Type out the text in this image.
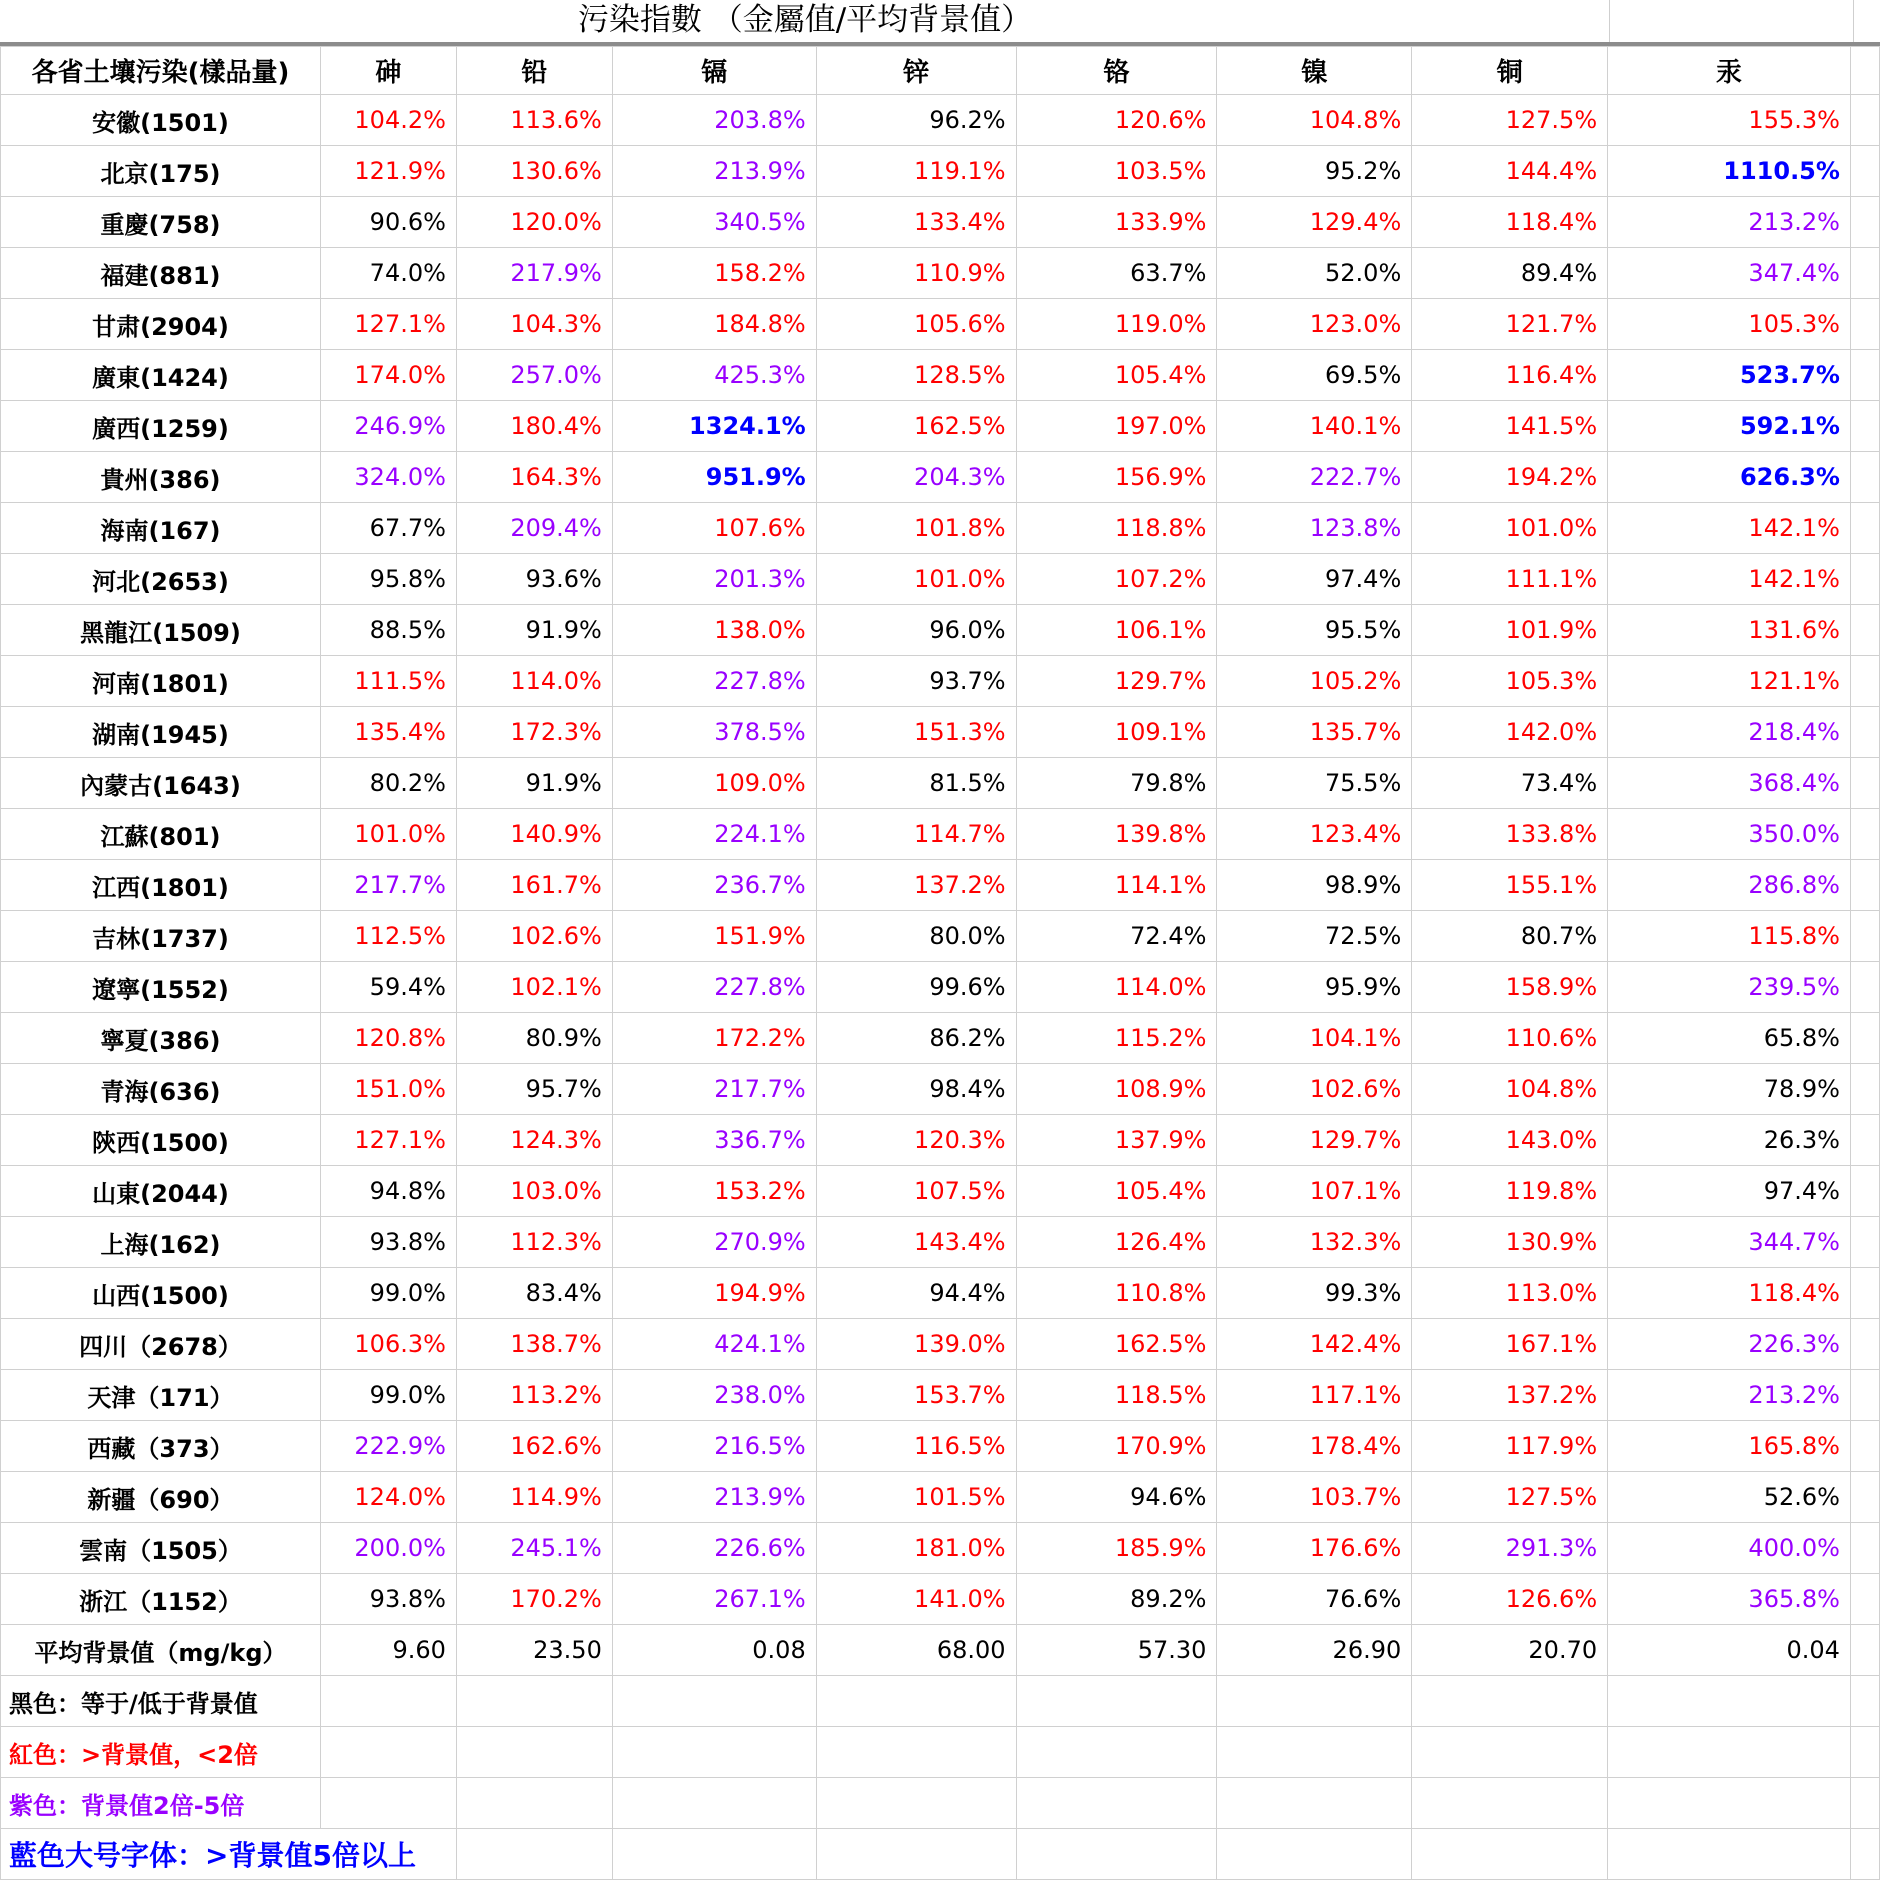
污染指數 （金屬值/平均背景值）
各省土壤污染(樣品量)	砷	铅	镉	锌	铬	镍	铜	汞	
安徽(1501)	104.2%	113.6%	203.8%	96.2%	120.6%	104.8%	127.5%	155.3%	
北京(175)	121.9%	130.6%	213.9%	119.1%	103.5%	95.2%	144.4%	1110.5%	
重慶(758)	90.6%	120.0%	340.5%	133.4%	133.9%	129.4%	118.4%	213.2%	
福建(881)	74.0%	217.9%	158.2%	110.9%	63.7%	52.0%	89.4%	347.4%	
甘肃(2904)	127.1%	104.3%	184.8%	105.6%	119.0%	123.0%	121.7%	105.3%	
廣東(1424)	174.0%	257.0%	425.3%	128.5%	105.4%	69.5%	116.4%	523.7%	
廣西(1259)	246.9%	180.4%	1324.1%	162.5%	197.0%	140.1%	141.5%	592.1%	
貴州(386)	324.0%	164.3%	951.9%	204.3%	156.9%	222.7%	194.2%	626.3%	
海南(167)	67.7%	209.4%	107.6%	101.8%	118.8%	123.8%	101.0%	142.1%	
河北(2653)	95.8%	93.6%	201.3%	101.0%	107.2%	97.4%	111.1%	142.1%	
黑龍江(1509)	88.5%	91.9%	138.0%	96.0%	106.1%	95.5%	101.9%	131.6%	
河南(1801)	111.5%	114.0%	227.8%	93.7%	129.7%	105.2%	105.3%	121.1%	
湖南(1945)	135.4%	172.3%	378.5%	151.3%	109.1%	135.7%	142.0%	218.4%	
內蒙古(1643)	80.2%	91.9%	109.0%	81.5%	79.8%	75.5%	73.4%	368.4%	
江蘇(801)	101.0%	140.9%	224.1%	114.7%	139.8%	123.4%	133.8%	350.0%	
江西(1801)	217.7%	161.7%	236.7%	137.2%	114.1%	98.9%	155.1%	286.8%	
吉林(1737)	112.5%	102.6%	151.9%	80.0%	72.4%	72.5%	80.7%	115.8%	
遼寧(1552)	59.4%	102.1%	227.8%	99.6%	114.0%	95.9%	158.9%	239.5%	
寧夏(386)	120.8%	80.9%	172.2%	86.2%	115.2%	104.1%	110.6%	65.8%	
青海(636)	151.0%	95.7%	217.7%	98.4%	108.9%	102.6%	104.8%	78.9%	
陝西(1500)	127.1%	124.3%	336.7%	120.3%	137.9%	129.7%	143.0%	26.3%	
山東(2044)	94.8%	103.0%	153.2%	107.5%	105.4%	107.1%	119.8%	97.4%	
上海(162)	93.8%	112.3%	270.9%	143.4%	126.4%	132.3%	130.9%	344.7%	
山西(1500)	99.0%	83.4%	194.9%	94.4%	110.8%	99.3%	113.0%	118.4%	
四川（2678）	106.3%	138.7%	424.1%	139.0%	162.5%	142.4%	167.1%	226.3%	
天津（171）	99.0%	113.2%	238.0%	153.7%	118.5%	117.1%	137.2%	213.2%	
西藏（373）	222.9%	162.6%	216.5%	116.5%	170.9%	178.4%	117.9%	165.8%	
新疆（690）	124.0%	114.9%	213.9%	101.5%	94.6%	103.7%	127.5%	52.6%	
雲南（1505）	200.0%	245.1%	226.6%	181.0%	185.9%	176.6%	291.3%	400.0%	
浙江（1152）	93.8%	170.2%	267.1%	141.0%	89.2%	76.6%	126.6%	365.8%	
平均背景值（mg/kg）	9.60	23.50	0.08	68.00	57.30	26.90	20.70	0.04	
黑色：等于/低于背景值									
紅色：>背景值，<2倍									
紫色：背景值2倍-5倍									
藍色大号字体：>背景值5倍以上									
